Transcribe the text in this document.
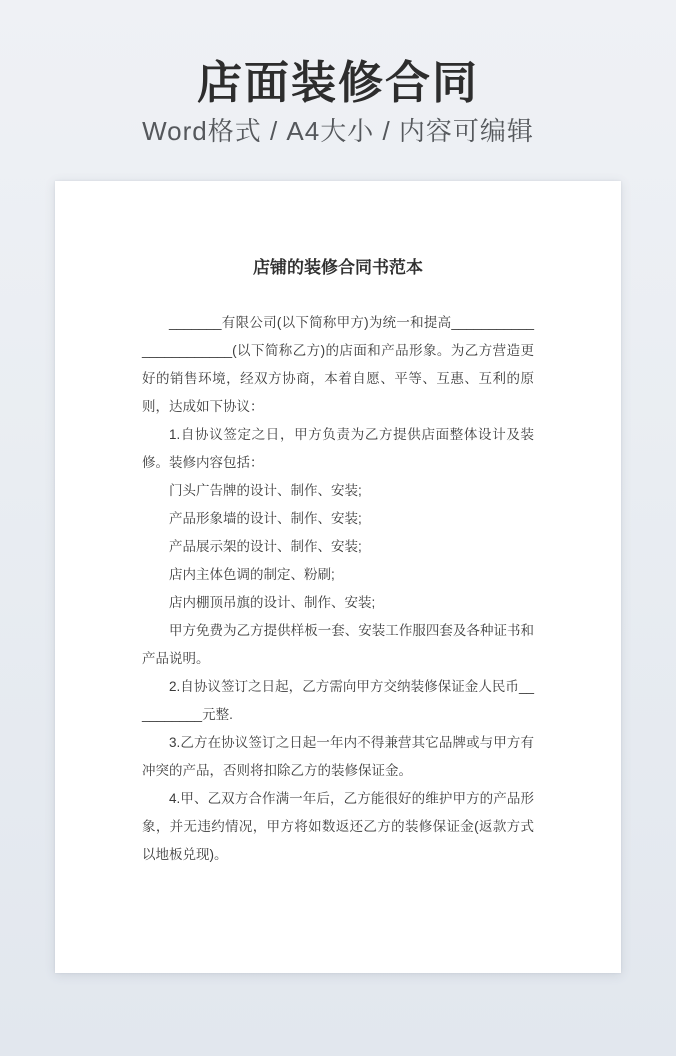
店面装修合同
Word格式 / A4大小 / 内容可编辑
店铺的装修合同书范本

_______有限公司(以下简称甲方)为统一和提高_______________________(以下简称乙方)的店面和产品形象。为乙方营造更好的销售环境，经双方协商，本着自愿、平等、互惠、互利的原则，达成如下协议：

1.自协议签定之日，甲方负责为乙方提供店面整体设计及装修。装修内容包括：

门头广告牌的设计、制作、安装;

产品形象墙的设计、制作、安装;

产品展示架的设计、制作、安装;

店内主体色调的制定、粉刷;

店内棚顶吊旗的设计、制作、安装;

甲方免费为乙方提供样板一套、安装工作服四套及各种证书和产品说明。

2.自协议签订之日起，乙方需向甲方交纳装修保证金人民币__________元整.

3.乙方在协议签订之日起一年内不得兼营其它品牌或与甲方有冲突的产品，否则将扣除乙方的装修保证金。

4.甲、乙双方合作满一年后，乙方能很好的维护甲方的产品形象，并无违约情况，甲方将如数返还乙方的装修保证金(返款方式以地板兑现)。
